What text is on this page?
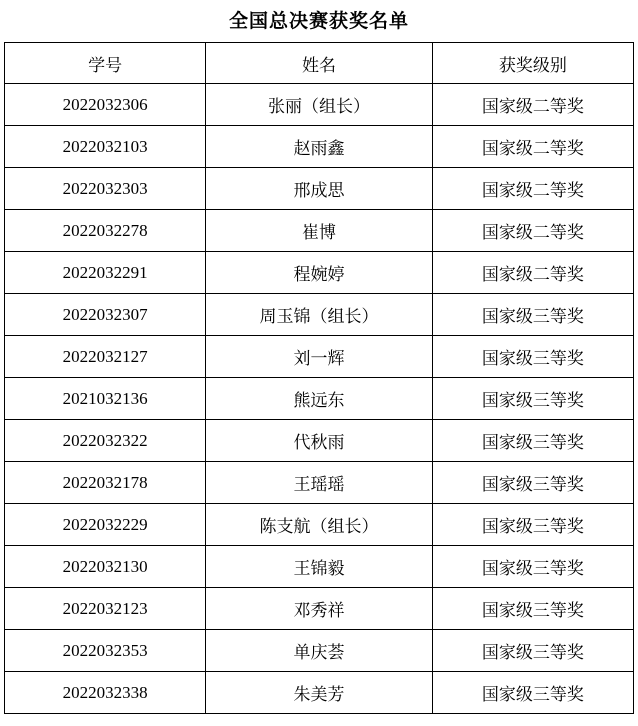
全国总决赛获奖名单
学号	姓名	获奖级别
2022032306	张丽（组长）	国家级二等奖
2022032103	赵雨鑫	国家级二等奖
2022032303	邢成思	国家级二等奖
2022032278	崔博	国家级二等奖
2022032291	程婉婷	国家级二等奖
2022032307	周玉锦（组长）	国家级三等奖
2022032127	刘一辉	国家级三等奖
2021032136	熊远东	国家级三等奖
2022032322	代秋雨	国家级三等奖
2022032178	王瑶瑶	国家级三等奖
2022032229	陈支航（组长）	国家级三等奖
2022032130	王锦毅	国家级三等奖
2022032123	邓秀祥	国家级三等奖
2022032353	单庆荟	国家级三等奖
2022032338	朱美芳	国家级三等奖
